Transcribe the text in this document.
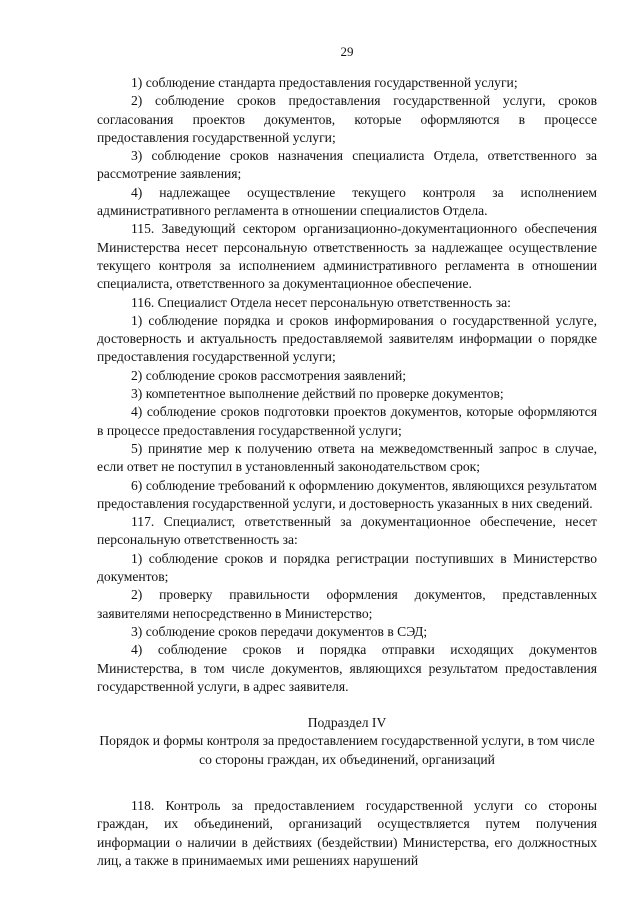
29

1) соблюдение стандарта предоставления государственной услуги;

2) соблюдение сроков предоставления государственной услуги, сроков согласования проектов документов, которые оформляются в процессе предоставления государственной услуги;

3) соблюдение сроков назначения специалиста Отдела, ответственного за рассмотрение заявления;

4) надлежащее осуществление текущего контроля за исполнением административного регламента в отношении специалистов Отдела.

115. Заведующий сектором организационно-документационного обеспечения Министерства несет персональную ответственность за надлежащее осуществление текущего контроля за исполнением административного регламента в отношении специалиста, ответственного за документационное обеспечение.

116. Специалист Отдела несет персональную ответственность за:

1) соблюдение порядка и сроков информирования о государственной услуге, достоверность и актуальность предоставляемой заявителям информации о порядке предоставления государственной услуги;

2) соблюдение сроков рассмотрения заявлений;

3) компетентное выполнение действий по проверке документов;

4) соблюдение сроков подготовки проектов документов, которые оформляются в процессе предоставления государственной услуги;

5) принятие мер к получению ответа на межведомственный запрос в случае, если ответ не поступил в установленный законодательством срок;

6) соблюдение требований к оформлению документов, являющихся результатом предоставления государственной услуги, и достоверность указанных в них сведений.

117. Специалист, ответственный за документационное обеспечение, несет персональную ответственность за:

1) соблюдение сроков и порядка регистрации поступивших в Министерство документов;

2) проверку правильности оформления документов, представленных заявителями непосредственно в Министерство;

3) соблюдение сроков передачи документов в СЭД;

4) соблюдение сроков и порядка отправки исходящих документов Министерства, в том числе документов, являющихся результатом предоставления государственной услуги, в адрес заявителя.

Подраздел IV

Порядок и формы контроля за предоставлением государственной услуги, в том числе со стороны граждан, их объединений, организаций

118. Контроль за предоставлением государственной услуги со стороны граждан, их объединений, организаций осуществляется путем получения информации о наличии в действиях (бездействии) Министерства, его должностных лиц, а также в принимаемых ими решениях нарушений
